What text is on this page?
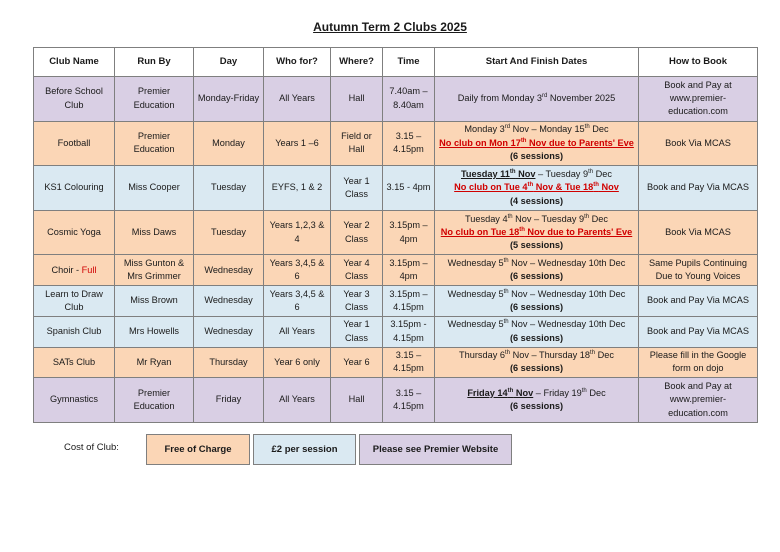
Autumn Term 2 Clubs 2025
Club Name	Run By	Day	Who for?	Where?	Time	Start And Finish Dates	How to Book
Before School Club	Premier Education	Monday-Friday	All Years	Hall	7.40am – 8.40am	Daily from Monday 3rd November 2025	Book and Pay at www.premier-education.com
Football	Premier Education	Monday	Years 1 –6	Field or Hall	3.15 – 4.15pm	Monday 3rd Nov – Monday 15th Dec
No club on Mon 17th Nov due to Parents' Eve
(6 sessions)	Book Via MCAS
KS1 Colouring	Miss Cooper	Tuesday	EYFS, 1 & 2	Year 1 Class	3.15 - 4pm	Tuesday 11th Nov – Tuesday 9th Dec
No club on Tue 4th Nov & Tue 18th Nov
(4 sessions)	Book and Pay Via MCAS
Cosmic Yoga	Miss Daws	Tuesday	Years 1,2,3 & 4	Year 2 Class	3.15pm – 4pm	Tuesday 4th Nov – Tuesday 9th Dec
No club on Tue 18th Nov due to Parents' Eve
(5 sessions)	Book Via MCAS
Choir - Full	Miss Gunton & Mrs Grimmer	Wednesday	Years 3,4,5 & 6	Year 4 Class	3.15pm – 4pm	Wednesday 5th Nov – Wednesday 10th Dec
(6 sessions)	Same Pupils Continuing Due to Young Voices
Learn to Draw Club	Miss Brown	Wednesday	Years 3,4,5 & 6	Year 3 Class	3.15pm – 4.15pm	Wednesday 5th Nov – Wednesday 10th Dec
(6 sessions)	Book and Pay Via MCAS
Spanish Club	Mrs Howells	Wednesday	All Years	Year 1 Class	3.15pm - 4.15pm	Wednesday 5th Nov – Wednesday 10th Dec
(6 sessions)	Book and Pay Via MCAS
SATs Club	Mr Ryan	Thursday	Year 6 only	Year 6	3.15 – 4.15pm	Thursday 6th Nov – Thursday 18th Dec
(6 sessions)	Please fill in the Google form on dojo
Gymnastics	Premier Education	Friday	All Years	Hall	3.15 – 4.15pm	Friday 14th Nov – Friday 19th Dec
(6 sessions)	Book and Pay at www.premier-education.com
Cost of Club:	Free of Charge	£2 per session	Please see Premier Website
